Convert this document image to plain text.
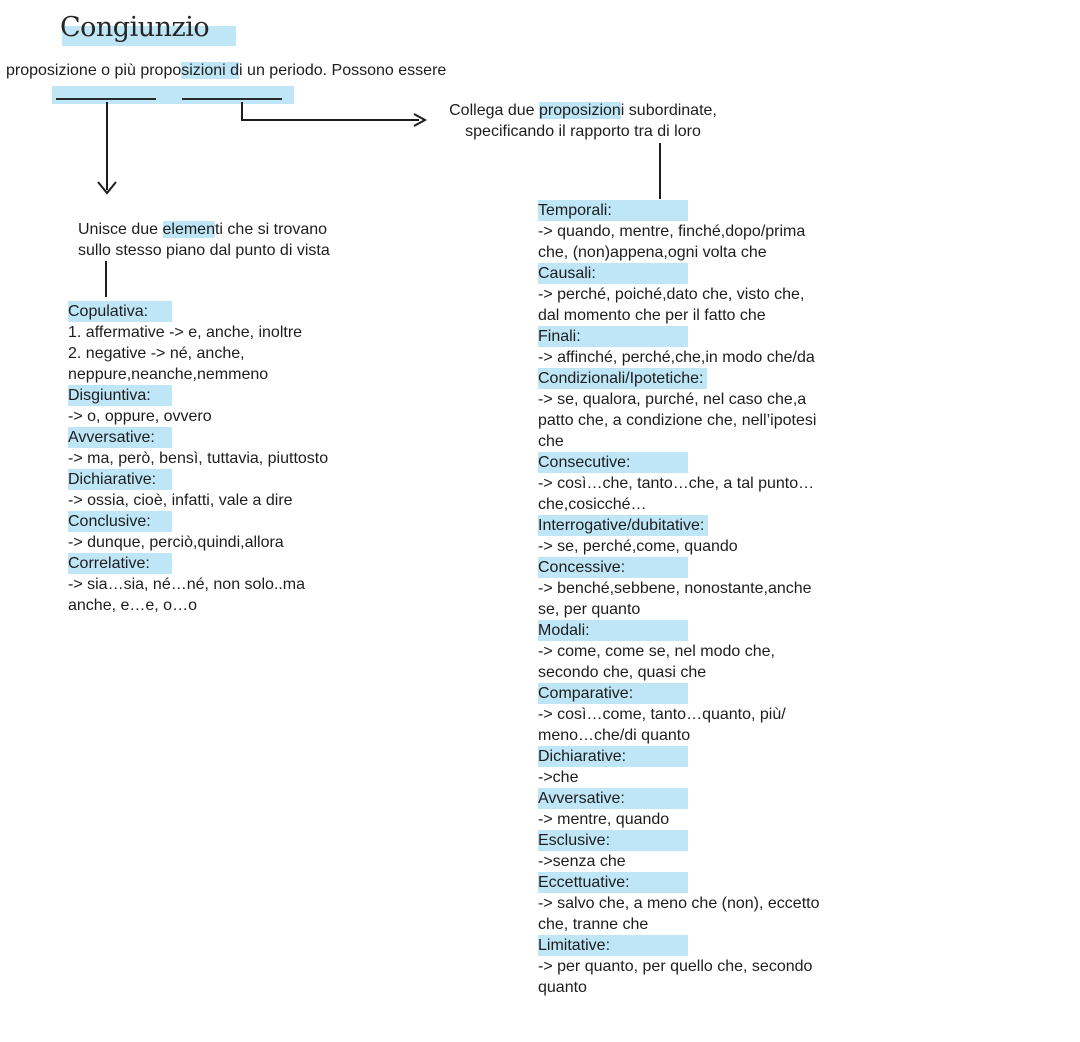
Congiunzio
proposizione o più proposizioni di un periodo. Possono essere
Collega due proposizioni subordinate,
specificando il rapporto tra di loro
Unisce due elementi che si trovano
sullo stesso piano dal punto di vista
Copulativa:
1. affermative -> e, anche, inoltre
2. negative -> né, anche,
neppure,neanche,nemmeno
Disgiuntiva:
-> o, oppure, ovvero
Avversative:
-> ma, però, bensì, tuttavia, piuttosto
Dichiarative:
-> ossia, cioè, infatti, vale a dire
Conclusive:
-> dunque, perciò,quindi,allora
Correlative:
-> sia…sia, né…né, non solo..ma
anche, e…e, o…o
Temporali:
-> quando, mentre, finché,dopo/prima
che, (non)appena,ogni volta che
Causali:
-> perché, poiché,dato che, visto che,
dal momento che per il fatto che
Finali:
-> affinché, perché,che,in modo che/da
Condizionali/Ipotetiche:
-> se, qualora, purché, nel caso che,a
patto che, a condizione che, nell’ipotesi
che
Consecutive:
-> così…che, tanto…che, a tal punto…
che,cosicché…
Interrogative/dubitative:
-> se, perché,come, quando
Concessive:
-> benché,sebbene, nonostante,anche
se, per quanto
Modali:
-> come, come se, nel modo che,
secondo che, quasi che
Comparative:
-> così…come, tanto…quanto, più/
meno…che/di quanto
Dichiarative:
->che
Avversative:
-> mentre, quando
Esclusive:
->senza che
Eccettuative:
-> salvo che, a meno che (non), eccetto
che, tranne che
Limitative:
-> per quanto, per quello che, secondo
quanto
